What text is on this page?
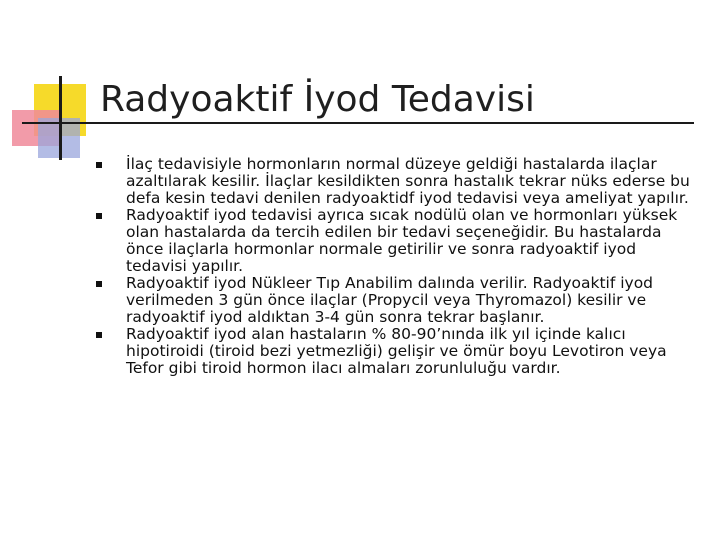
Radyoaktif İyod Tedavisi
İlaç tedavisiyle hormonların normal düzeye geldiği hastalarda ilaçlar azaltılarak kesilir. İlaçlar kesildikten sonra hastalık tekrar nüks ederse bu defa kesin tedavi denilen radyoaktidf iyod tedavisi veya ameliyat yapılır.
Radyoaktif iyod tedavisi ayrıca sıcak nodülü olan ve hormonları yüksek olan hastalarda da tercih edilen bir tedavi seçeneğidir. Bu hastalarda önce ilaçlarla hormonlar normale getirilir ve sonra radyoaktif iyod tedavisi yapılır.
Radyoaktif iyod Nükleer Tıp Anabilim dalında verilir. Radyoaktif iyod verilmeden 3 gün önce ilaçlar (Propycil veya Thyromazol) kesilir ve radyoaktif iyod aldıktan 3-4 gün sonra tekrar başlanır.
Radyoaktif iyod alan hastaların % 80-90’nında ilk yıl içinde kalıcı hipotiroidi (tiroid bezi yetmezliği) gelişir ve ömür boyu Levotiron veya Tefor gibi tiroid hormon ilacı almaları zorunluluğu vardır.
